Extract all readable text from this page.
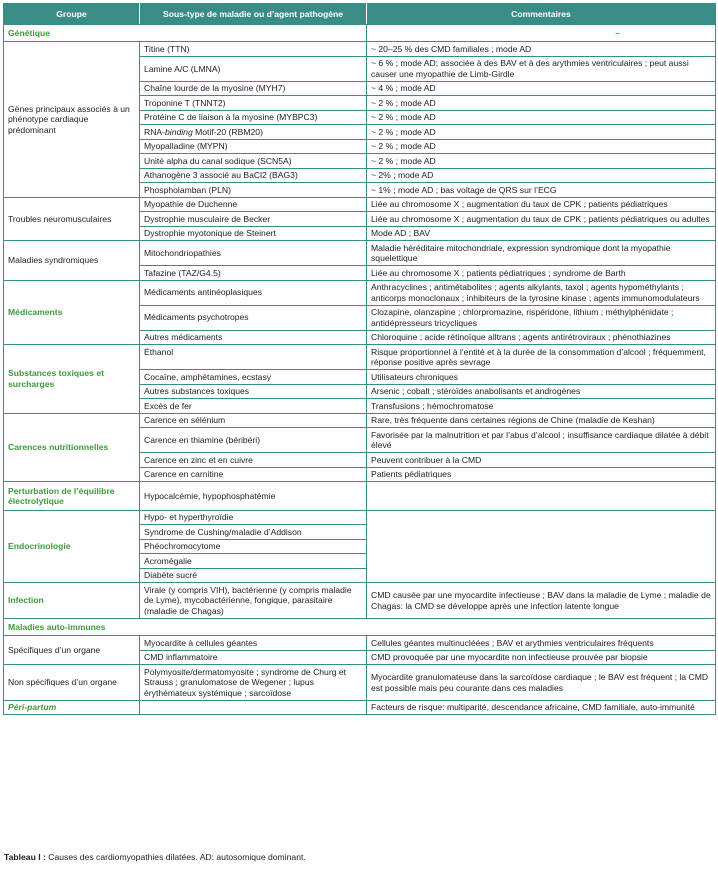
Groupe	Sous-type de maladie ou d’agent pathogène	Commentaires
Génétique		–
Gènes principaux associés à un phénotype cardiaque prédominant	Titine (TTN)	~ 20–25 % des CMD familiales ; mode AD
	Lamine A/C (LMNA)	~ 6 % ; mode AD; associée à des BAV et à des arythmies ventriculaires ; peut aussi causer une myopathie de Limb-Girdle
	Chaîne lourde de la myosine (MYH7)	~ 4 % ; mode AD
	Troponine T (TNNT2)	~ 2 % ; mode AD
	Protéine C de liaison à la myosine (MYBPC3)	~ 2 % ; mode AD
	RNA-binding Motif-20 (RBM20)	~ 2 % ; mode AD
	Myopalladine (MYPN)	~ 2 % ; mode AD
	Unité alpha du canal sodique (SCN5A)	~ 2 % ; mode AD
	Athanogène 3 associé au BaCl2 (BAG3)	~ 2% ; mode AD
	Phospholamban (PLN)	~ 1% ; mode AD ; bas voltage de QRS sur l’ECG
Troubles neuromusculaires	Myopathie de Duchenne	Liée au chromosome X ; augmentation du taux de CPK ; patients pédiatriques
	Dystrophie musculaire de Becker	Liée au chromosome X ; augmentation du taux de CPK ; patients pédiatriques ou adultes
	Dystrophie myotonique de Steinert	Mode AD ; BAV
Maladies syndromiques	Mitochondriopathies	Maladie héréditaire mitochondriale, expression syndromique dont la myopathie squelettique
	Tafazine (TAZ/G4.5)	Liée au chromosome X ; patients pédiatriques ; syndrome de Barth
Médicaments	Médicaments antinéoplasiques	Anthracyclines ; antimétabolites ; agents alkylants, taxol ; agents hypométhylants ; anticorps monoclonaux ; inhibiteurs de la tyrosine kinase ; agents immunomodulateurs
	Médicaments psychotropes	Clozapine, olanzapine ; chlorpromazine, rispéridone, lithium ; méthylphénidate ; antidépresseurs tricycliques
	Autres médicaments	Chloroquine ; acide rétinoïque alltrans ; agents antirétroviraux ; phénothiazines
Substances toxiques et surcharges	Éthanol	Risque proportionnel à l’entité et à la durée de la consommation d’alcool ; fréquemment, réponse positive après sevrage
	Cocaïne, amphétamines, ecstasy	Utilisateurs chroniques
	Autres substances toxiques	Arsenic ; cobalt ; stéroïdes anabolisants et androgènes
	Excès de fer	Transfusions ; hémochromatose
Carences nutritionnelles	Carence en sélénium	Rare, très fréquente dans certaines régions de Chine (maladie de Keshan)
	Carence en thiamine (béribéri)	Favorisée par la malnutrition et par l’abus d’alcool ; insuffisance cardiaque dilatée à débit élevé
	Carence en zinc et en cuivre	Peuvent contribuer à la CMD
	Carence en carnitine	Patients pédiatriques
Perturbation de l’équilibre électrolytique	Hypocalcémie, hypophosphatémie	
Endocrinologie	Hypo- et hyperthyroïdie	
	Syndrome de Cushing/maladie d’Addison	
	Phéochromocytome	
	Acromégalie	
	Diabète sucré	
Infection	Virale (y compris VIH), bactérienne (y compris maladie de Lyme), mycobactérienne, fongique, parasitaire (maladie de Chagas)	CMD causée par une myocardite infectieuse ; BAV dans la maladie de Lyme ; maladie de Chagas: la CMD se développe après une infection latente longue
Maladies auto-immunes		
Spécifiques d’un organe	Myocardite à cellules géantes	Cellules géantes multinucléées ; BAV et arythmies ventriculaires fréquents
	CMD inflammatoire	CMD provoquée par une myocardite non infectieuse prouvée par biopsie
Non spécifiques d’un organe	Polymyosite/dermatomyosite ; syndrome de Churg et Strauss ; granulomatose de Wegener ; lupus érythémateux systémique ; sarcoïdose	Myocardite granulomateuse dans la sarcoïdose cardiaque ; le BAV est fréquent ; la CMD est possible mais peu courante dans ces maladies
Péri-partum		Facteurs de risque: multiparité, descendance africaine, CMD familiale, auto-immunité
Tableau I : Causes des cardiomyopathies dilatées. AD: autosomique dominant.
